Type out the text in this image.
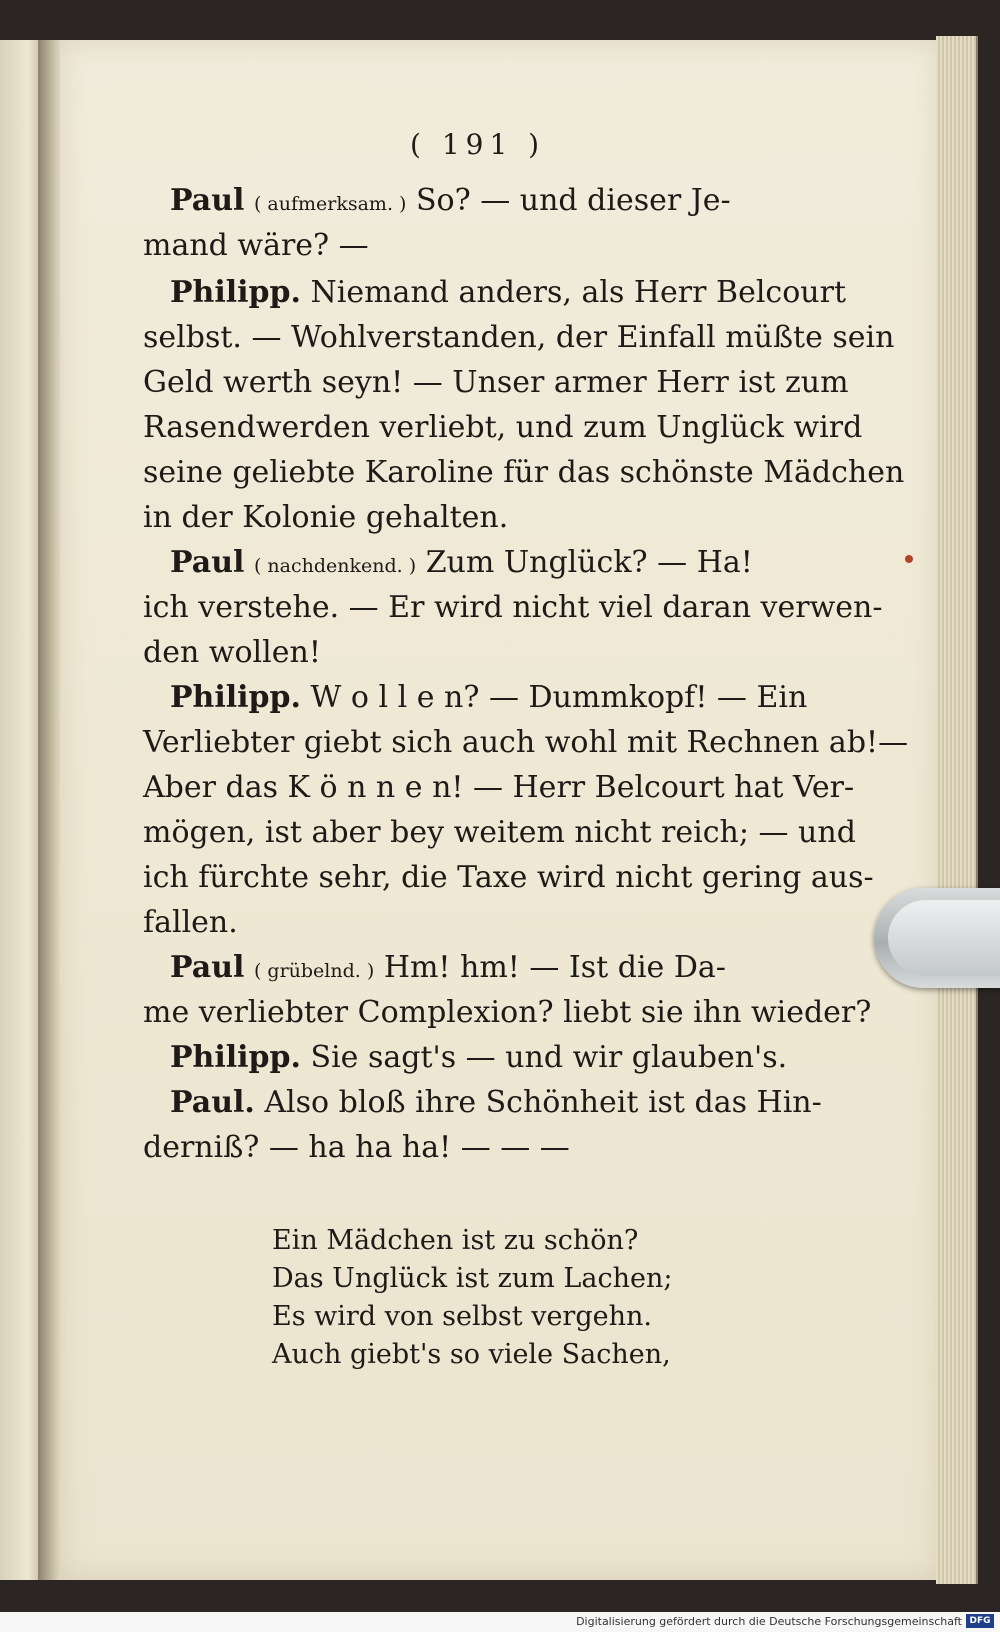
( 191 )
Paul ( aufmerksam. ) So? — und dieser Je-
mand wäre? —
Philipp. Niemand anders, als Herr Belcourt
selbst. — Wohlverstanden, der Einfall müßte sein
Geld werth seyn! — Unser armer Herr ist zum
Rasendwerden verliebt, und zum Unglück wird
seine geliebte Karoline für das schönste Mädchen
in der Kolonie gehalten.
Paul ( nachdenkend. ) Zum Unglück? — Ha!
ich verstehe. — Er wird nicht viel daran verwen-
den wollen!
Philipp. W o l l e n? — Dummkopf! — Ein
Verliebter giebt sich auch wohl mit Rechnen ab!—
Aber das K ö n n e n! — Herr Belcourt hat Ver-
mögen, ist aber bey weitem nicht reich; — und
ich fürchte sehr, die Taxe wird nicht gering aus-
fallen.
Paul ( grübelnd. ) Hm! hm! — Ist die Da-
me verliebter Complexion? liebt sie ihn wieder?
Philipp. Sie sagt's — und wir glauben's.
Paul. Also bloß ihre Schönheit ist das Hin-
derniß? — ha ha ha! — — —
Ein Mädchen ist zu schön?
Das Unglück ist zum Lachen;
Es wird von selbst vergehn.
Auch giebt's so viele Sachen,
Digitalisierung gefördert durch die Deutsche Forschungsgemeinschaft DFG
